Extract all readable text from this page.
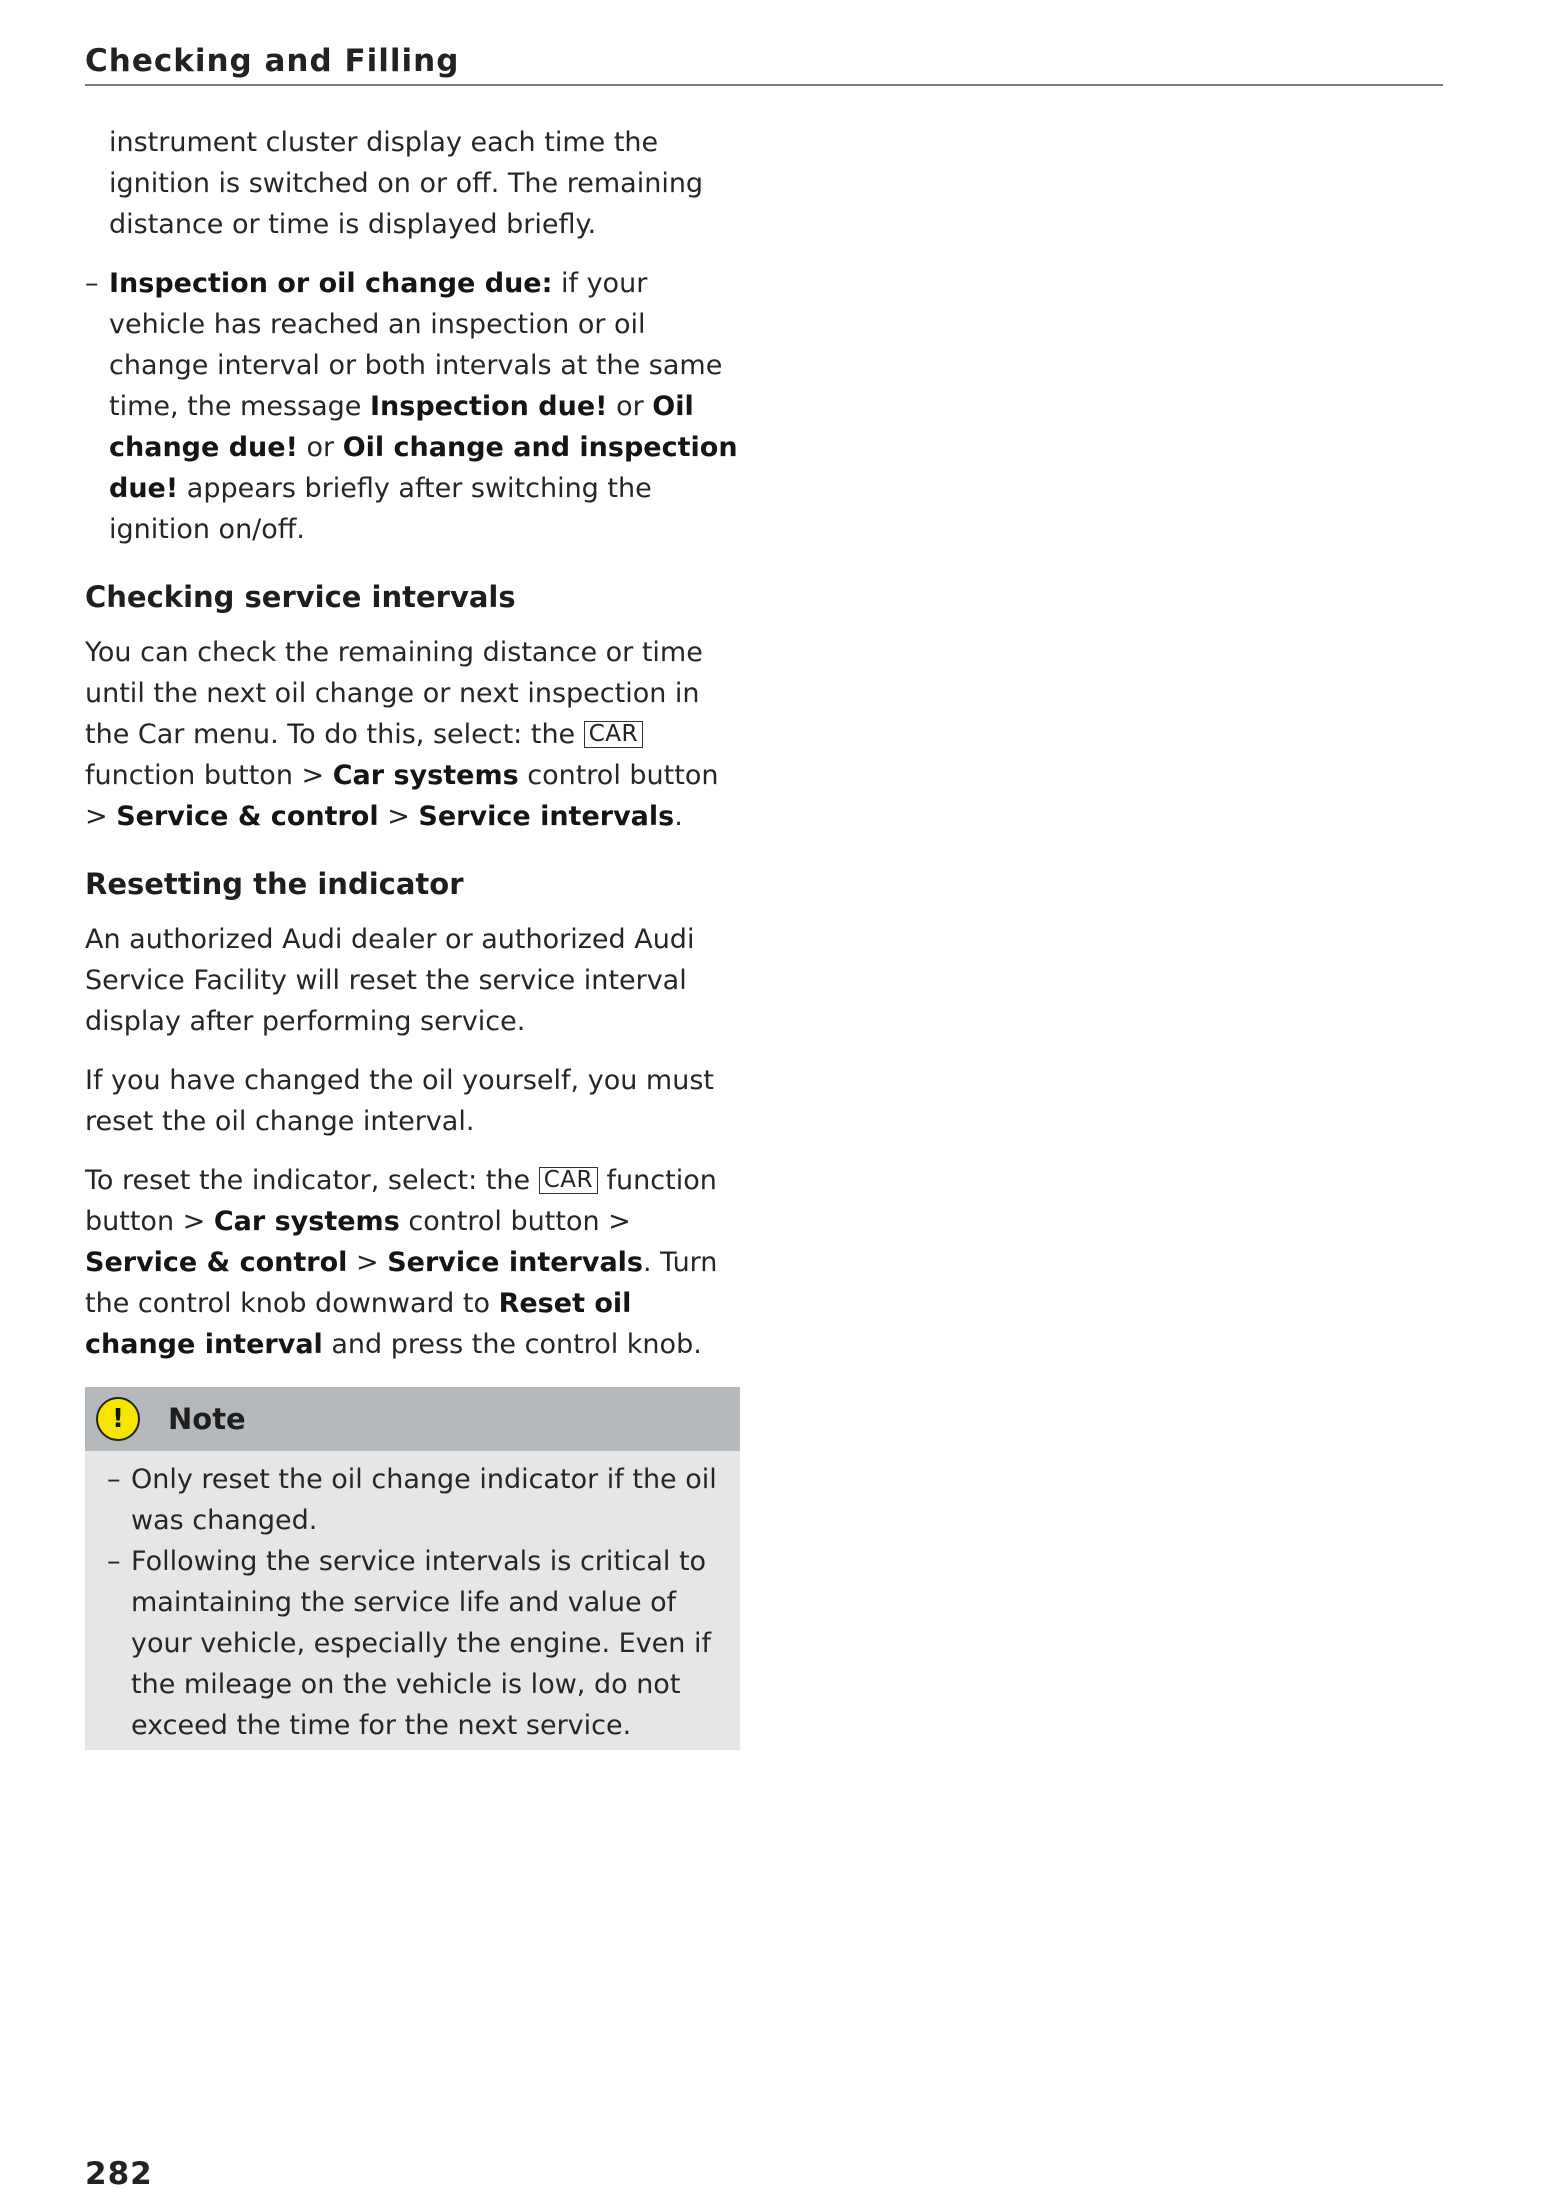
Checking and Filling

instrument cluster display each time the ignition is switched on or off. The remaining distance or time is displayed briefly.

– Inspection or oil change due: if your vehicle has reached an inspection or oil change interval or both intervals at the same time, the message Inspection due! or Oil change due! or Oil change and inspection due! appears briefly after switching the ignition on/off.

Checking service intervals

You can check the remaining distance or time until the next oil change or next inspection in the Car menu. To do this, select: the CAR function button > Car systems control button > Service & control > Service intervals.

Resetting the indicator

An authorized Audi dealer or authorized Audi Service Facility will reset the service interval display after performing service.

If you have changed the oil yourself, you must reset the oil change interval.

To reset the indicator, select: the CAR function button > Car systems control button > Service & control > Service intervals. Turn the control knob downward to Reset oil change interval and press the control knob.

!	Note

– Only reset the oil change indicator if the oil was changed.

– Following the service intervals is critical to maintaining the service life and value of your vehicle, especially the engine. Even if the mileage on the vehicle is low, do not exceed the time for the next service.

282
